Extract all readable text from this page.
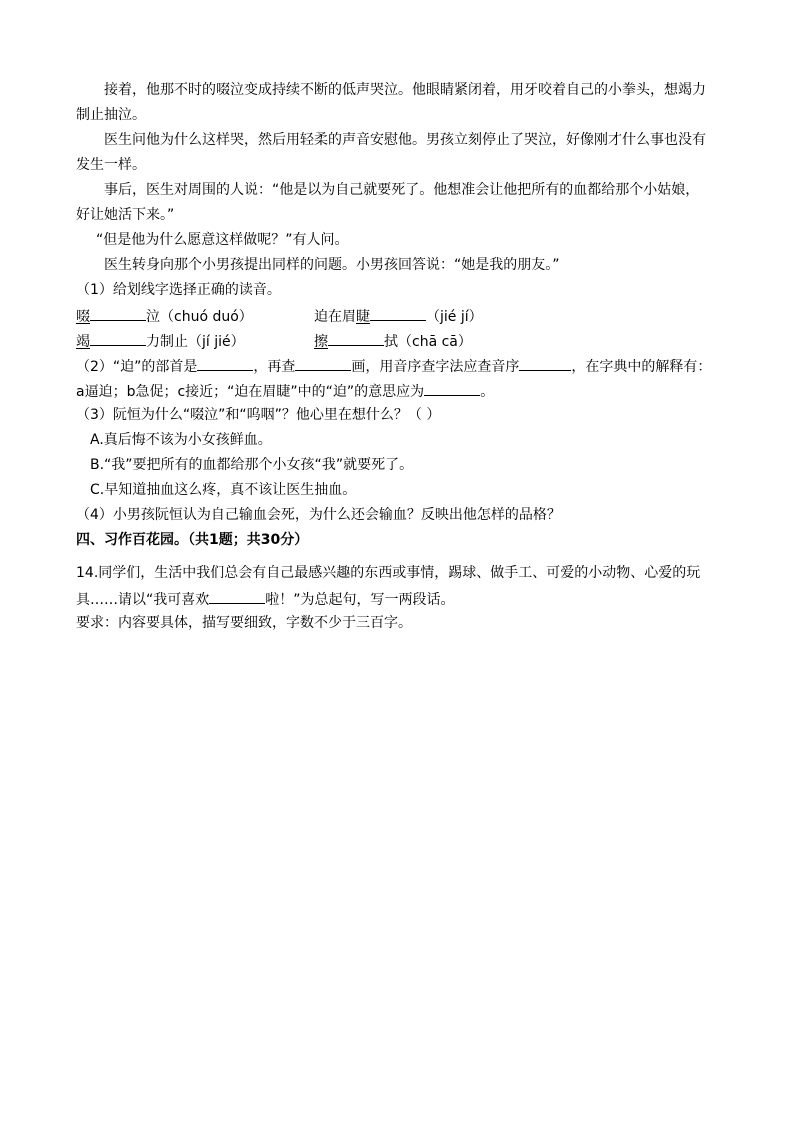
接着，他那不时的啜泣变成持续不断的低声哭泣。他眼睛紧闭着，用牙咬着自己的小拳头，想竭力
制止抽泣。
医生问他为什么这样哭，然后用轻柔的声音安慰他。男孩立刻停止了哭泣，好像刚才什么事也没有
发生一样。
事后，医生对周围的人说：“他是以为自己就要死了。他想准会让他把所有的血都给那个小姑娘，
好让她活下来。”
“但是他为什么愿意这样做呢？”有人问。
医生转身向那个小男孩提出同样的问题。小男孩回答说：“她是我的朋友。”
（1）给划线字选择正确的读音。
啜	泣（chuó duó）	迫在眉睫	（jié jí）
竭	力制止（jí jié）	擦	拭（chā cā）
（2）“迫”的部首是	，再查	画，用音序查字法应查音序	，在字典中的解释有：
a逼迫；b急促；c接近；“迫在眉睫”中的“迫”的意思应为	。
（3）阮恒为什么“啜泣”和“呜咽”？他心里在想什么？（ ）
A.真后悔不该为小女孩鲜血。
B.“我”要把所有的血都给那个小女孩“我”就要死了。
C.早知道抽血这么疼，真不该让医生抽血。
（4）小男孩阮恒认为自己输血会死，为什么还会输血？反映出他怎样的品格？
四、习作百花园。（共1题；共30分）
14.同学们，生活中我们总会有自己最感兴趣的东西或事情，踢球、做手工、可爱的小动物、心爱的玩
具……请以“我可喜欢	啦！”为总起句，写一两段话。
要求：内容要具体，描写要细致，字数不少于三百字。
